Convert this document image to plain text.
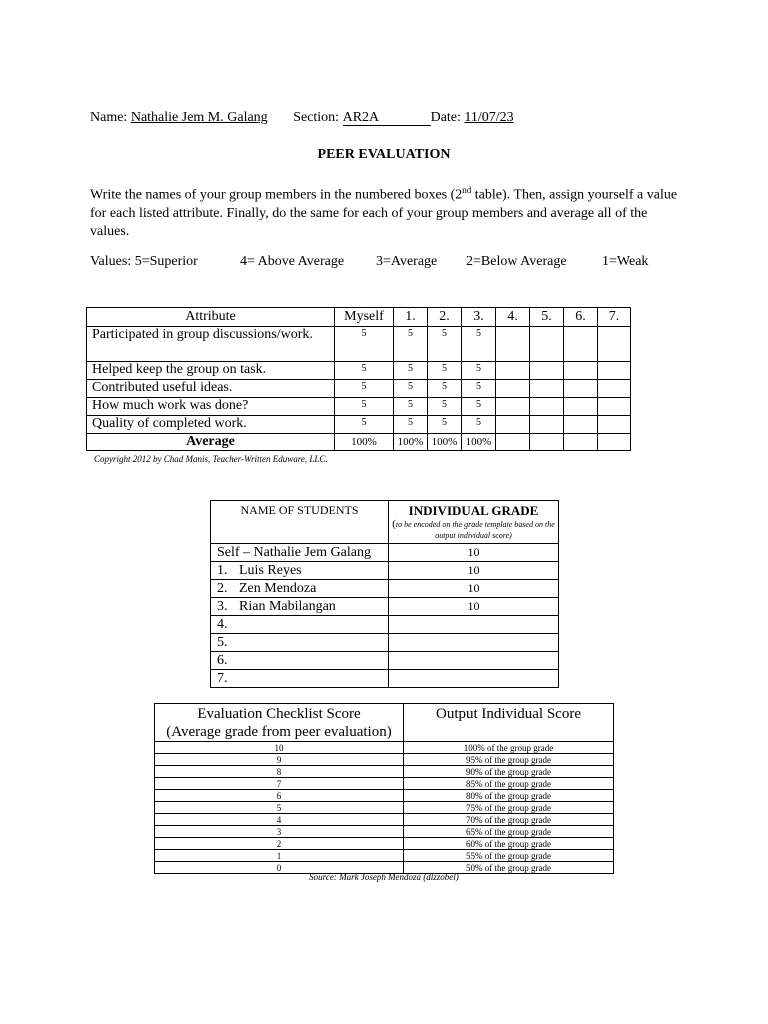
Name: Nathalie Jem M. Galang Section: AR2A	Date: 11/07/23
PEER EVALUATION
Write the names of your group members in the numbered boxes (2nd table). Then, assign yourself a value for each listed attribute. Finally, do the same for each of your group members and average all of the values.
Values: 5=Superior	4= Above Average 3=Average 2=Below Average	1=Weak
Attribute	Myself	1.	2.	3.	4.	5.	6.	7.
Participated in group discussions/work.	5	5	5	5				
Helped keep the group on task.	5	5	5	5				
Contributed useful ideas.	5	5	5	5				
How much work was done?	5	5	5	5				
Quality of completed work.	5	5	5	5				
Average	100%	100%	100%	100%				
Copyright 2012 by Chad Manis, Teacher-Written Eduware, LLC.
NAME OF STUDENTS	INDIVIDUAL GRADE
(to be encoded on the grade template based on the output individual score)

Self – Nathalie Jem Galang	10
1. Luis Reyes	10
2. Zen Mendoza	10
3. Rian Mabilangan	10
4.	
5.	
6.	
7.	
Evaluation Checklist Score
(Average grade from peer evaluation)	Output Individual Score
10	100% of the group grade
9	95% of the group grade
8	90% of the group grade
7	85% of the group grade
6	80% of the group grade
5	75% of the group grade
4	70% of the group grade
3	65% of the group grade
2	60% of the group grade
1	55% of the group grade
0	50% of the group grade
Source: Mark Joseph Mendoza (dlzzobel)
